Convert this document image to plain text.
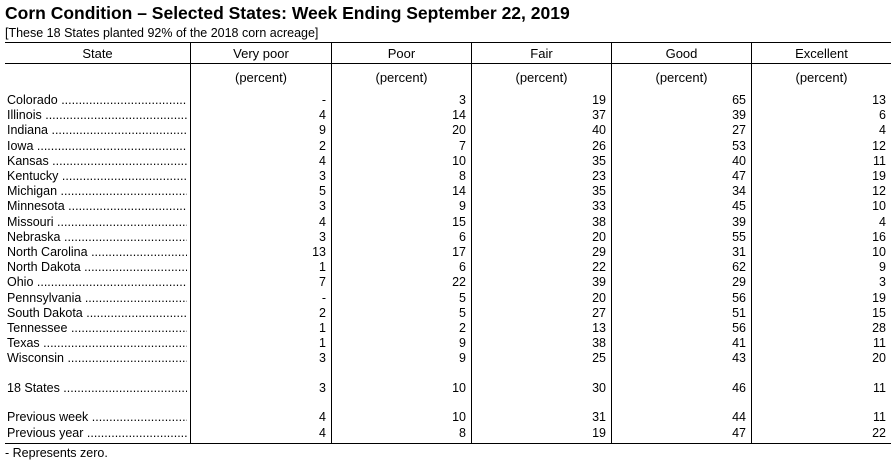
Corn Condition – Selected States: Week Ending September 22, 2019
[These 18 States planted 92% of the 2018 corn acreage]
State	Very poor	Poor	Fair	Good	Excellent
(percent)	(percent)	(percent)	(percent)	(percent)
Colorado .....	-	3	19	65	13
Illinois .....	4	14	37	39	6
Indiana .....	9	20	40	27	4
Iowa .....	2	7	26	53	12
Kansas .....	4	10	35	40	11
Kentucky .....	3	8	23	47	19
Michigan .....	5	14	35	34	12
Minnesota .....	3	9	33	45	10
Missouri .....	4	15	38	39	4
Nebraska .....	3	6	20	55	16
North Carolina .....	13	17	29	31	10
North Dakota .....	1	6	22	62	9
Ohio .....	7	22	39	29	3
Pennsylvania .....	-	5	20	56	19
South Dakota .....	2	5	27	51	15
Tennessee .....	1	2	13	56	28
Texas .....	1	9	38	41	11
Wisconsin .....	3	9	25	43	20
18 States .....	3	10	30	46	11
Previous week .....	4	10	31	44	11
Previous year .....	4	8	19	47	22
- Represents zero.
